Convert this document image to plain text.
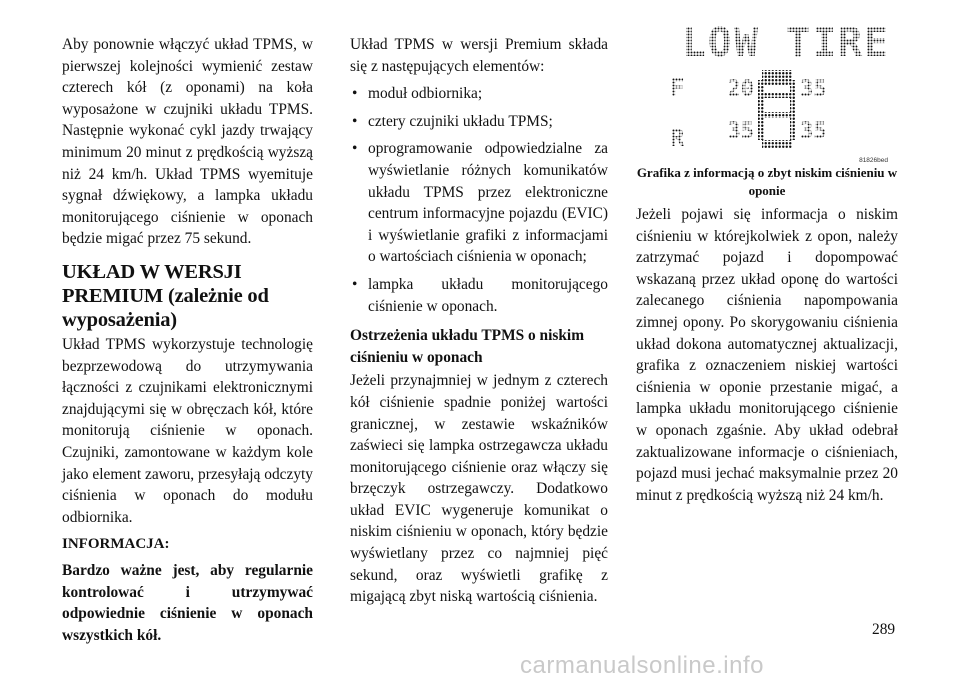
Aby ponownie włączyć układ TPMS, w pierwszej kolejności wymienić zestaw czterech kół (z oponami) na koła wyposażone w czujniki układu TPMS. Następnie wykonać cykl jazdy trwający minimum 20 minut z prędkością wyższą niż 24 km/h. Układ TPMS wyemituje sygnał dźwiękowy, a lampka układu monitorującego ciśnienie w oponach będzie migać przez 75 sekund.

UKŁAD W WERSJI PREMIUM (zależnie od wyposażenia)

Układ TPMS wykorzystuje technologię bezprzewodową do utrzymywania łączności z czujnikami elektronicznymi znajdującymi się w obręczach kół, które monitorują ciśnienie w oponach. Czujniki, zamontowane w każdym kole jako element zaworu, przesyłają odczyty ciśnienia w oponach do modułu odbiornika.

INFORMACJA:

Bardzo ważne jest, aby regularnie kontrolować i utrzymywać odpowiednie ciśnienie w oponach wszystkich kół.

Układ TPMS w wersji Premium składa się z następujących elementów:

• moduł odbiornika;
• cztery czujniki układu TPMS;
• oprogramowanie odpowiedzialne za wyświetlanie różnych komunikatów układu TPMS przez elektroniczne centrum informacyjne pojazdu (EVIC) i wyświetlanie grafiki z informacjami o wartościach ciśnienia w oponach;
• lampka układu monitorującego ciśnienie w oponach.
Ostrzeżenia układu TPMS o niskim ciśnieniu w oponach

Jeżeli przynajmniej w jednym z czterech kół ciśnienie spadnie poniżej wartości granicznej, w zestawie wskaźników zaświeci się lampka ostrzegawcza układu monitorującego ciśnienie oraz włączy się brzęczyk ostrzegawczy. Dodatkowo układ EVIC wygeneruje komunikat o niskim ciśnieniu w oponach, który będzie wyświetlany przez co najmniej pięć sekund, oraz wyświetli grafikę z migającą zbyt niską wartością ciśnienia.

LOW TIRE
F
R
20 35
35 35
81826bed
Grafika z informacją o zbyt niskim ciśnieniu w oponie

Jeżeli pojawi się informacja o niskim ciśnieniu w którejkolwiek z opon, należy zatrzymać pojazd i dopompować wskazaną przez układ oponę do wartości zalecanego ciśnienia napompowania zimnej opony. Po skorygowaniu ciśnienia układ dokona automatycznej aktualizacji, grafika z oznaczeniem niskiej wartości ciśnienia w oponie przestanie migać, a lampka układu monitorującego ciśnienie w oponach zgaśnie. Aby układ odebrał zaktualizowane informacje o ciśnieniach, pojazd musi jechać maksymalnie przez 20 minut z prędkością wyższą niż 24 km/h.

289
carmanualsonline.info
